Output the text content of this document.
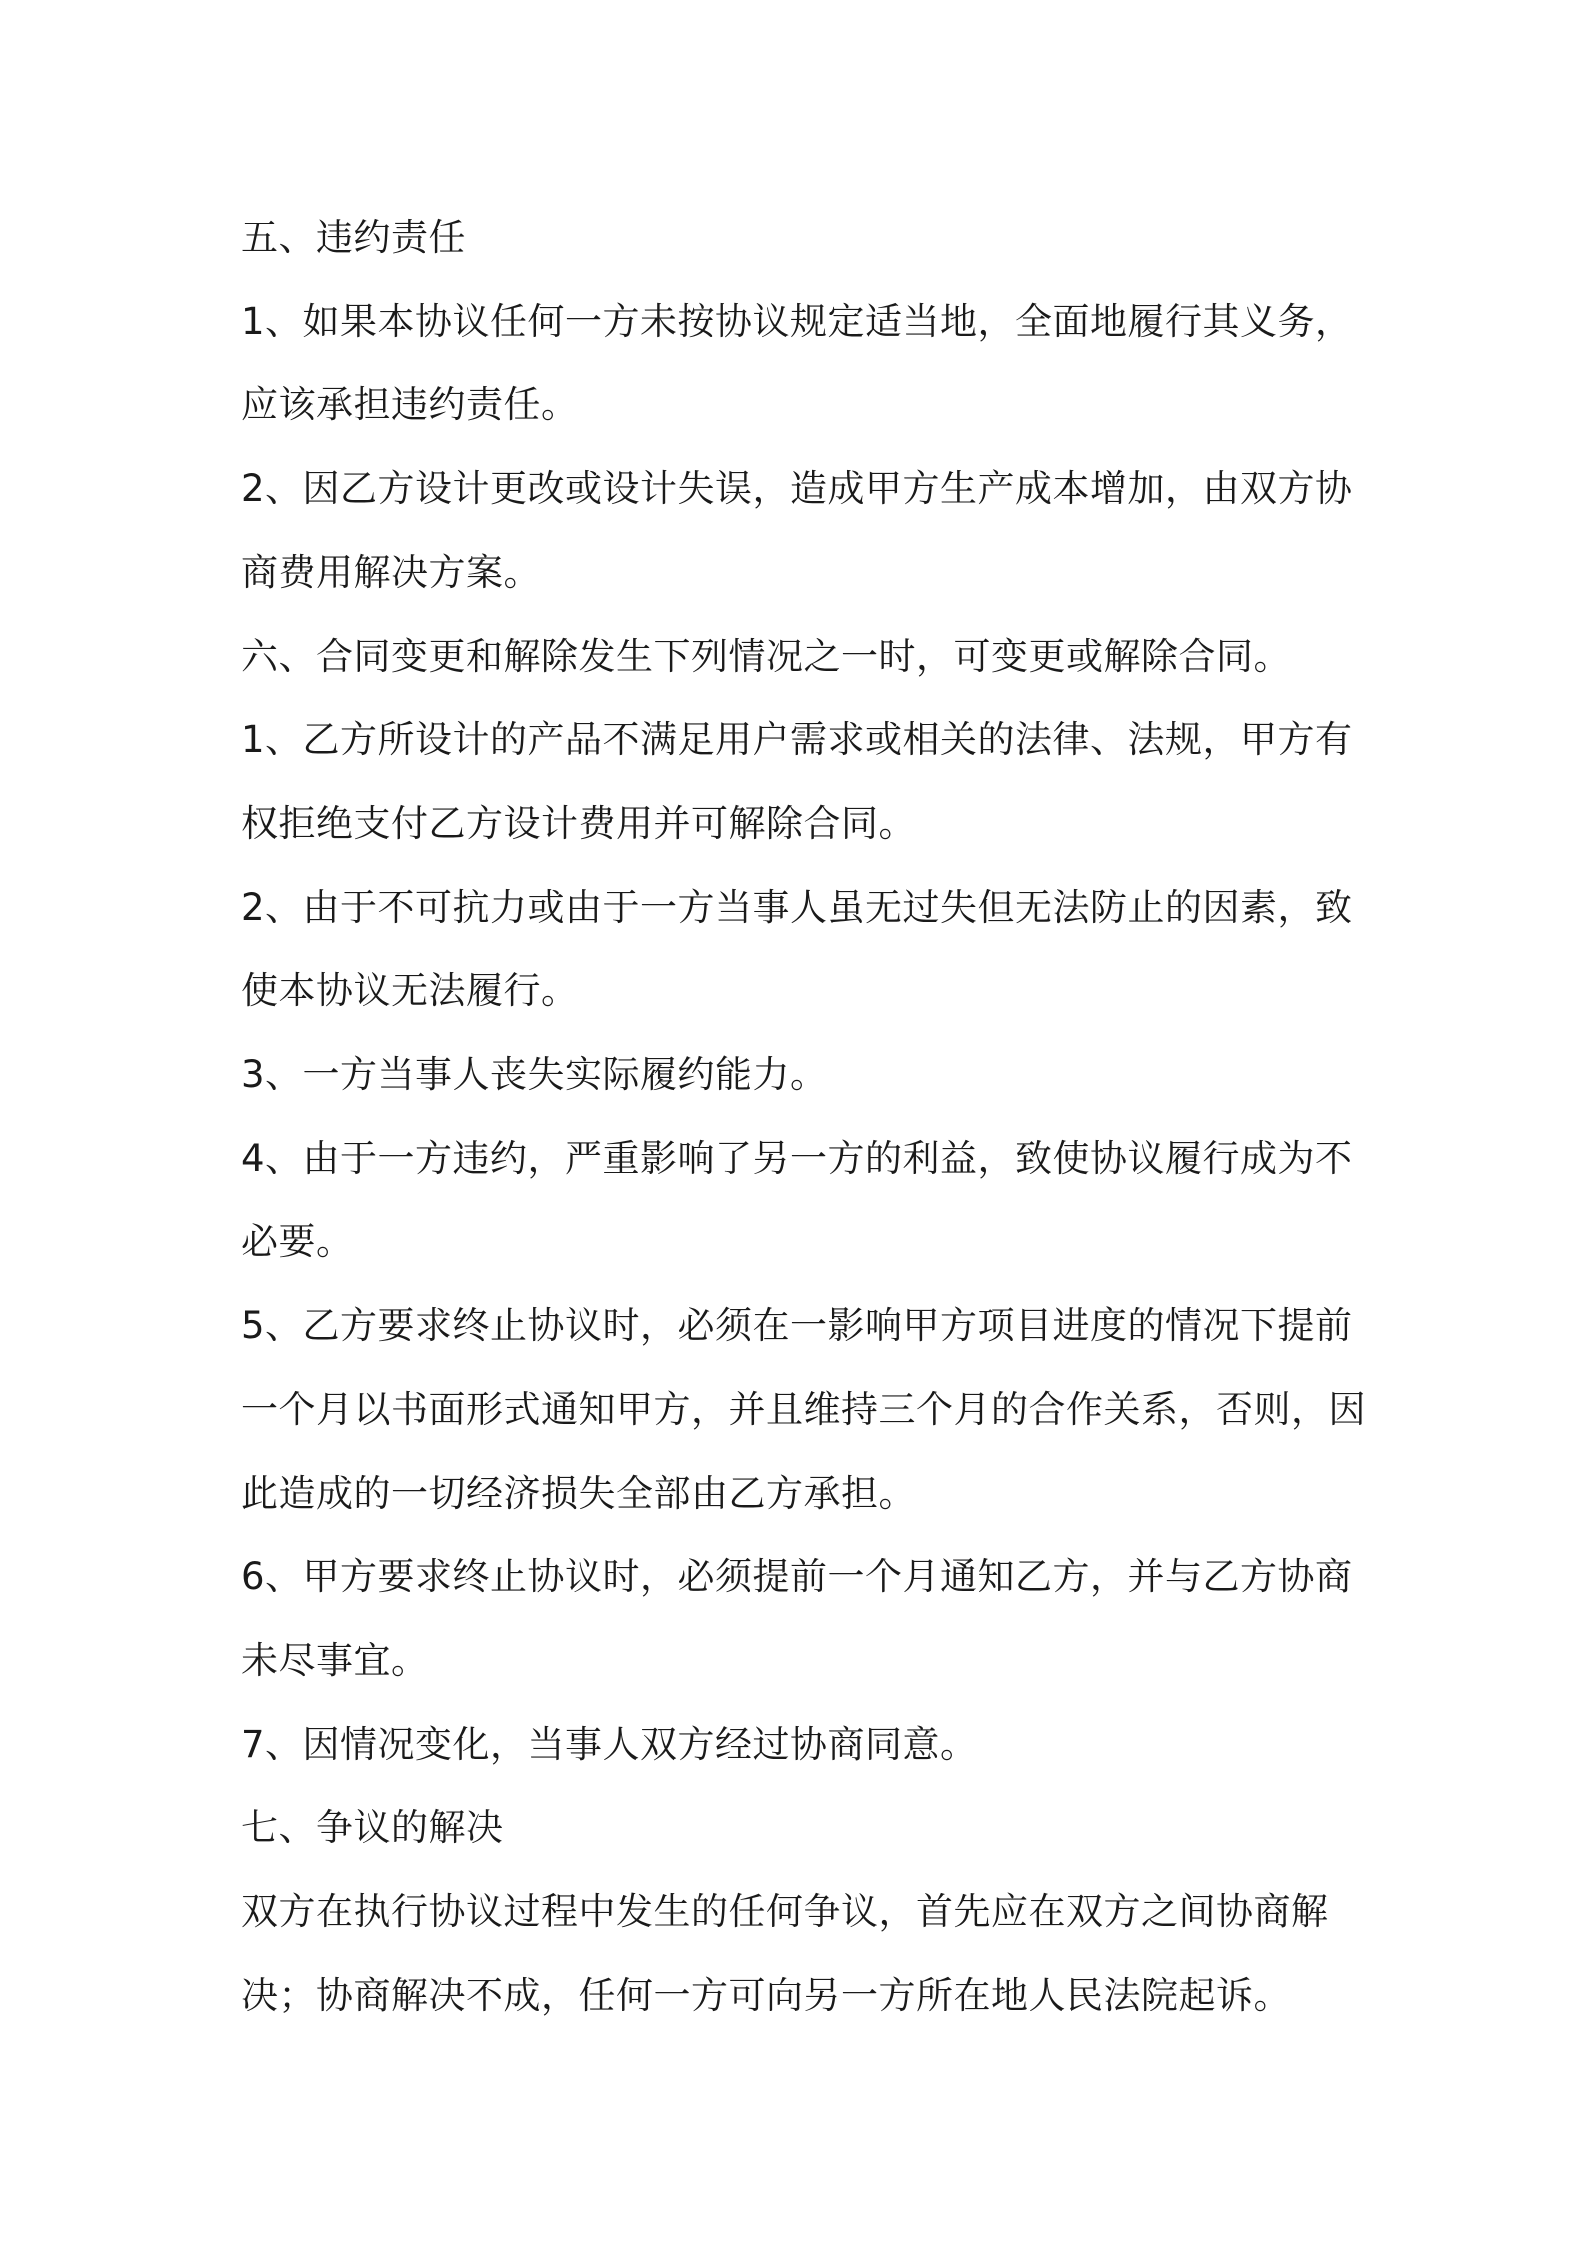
五、违约责任

1、如果本协议任何一方未按协议规定适当地，全面地履行其义务，应该承担违约责任。

2、因乙方设计更改或设计失误，造成甲方生产成本增加，由双方协商费用解决方案。

六、合同变更和解除发生下列情况之一时，可变更或解除合同。

1、乙方所设计的产品不满足用户需求或相关的法律、法规，甲方有权拒绝支付乙方设计费用并可解除合同。

2、由于不可抗力或由于一方当事人虽无过失但无法防止的因素，致使本协议无法履行。

3、一方当事人丧失实际履约能力。

4、由于一方违约，严重影响了另一方的利益，致使协议履行成为不必要。

5、乙方要求终止协议时，必须在一影响甲方项目进度的情况下提前一个月以书面形式通知甲方，并且维持三个月的合作关系，否则，因此造成的一切经济损失全部由乙方承担。

6、甲方要求终止协议时，必须提前一个月通知乙方，并与乙方协商未尽事宜。

7、因情况变化，当事人双方经过协商同意。

七、争议的解决

双方在执行协议过程中发生的任何争议，首先应在双方之间协商解决；协商解决不成，任何一方可向另一方所在地人民法院起诉。
